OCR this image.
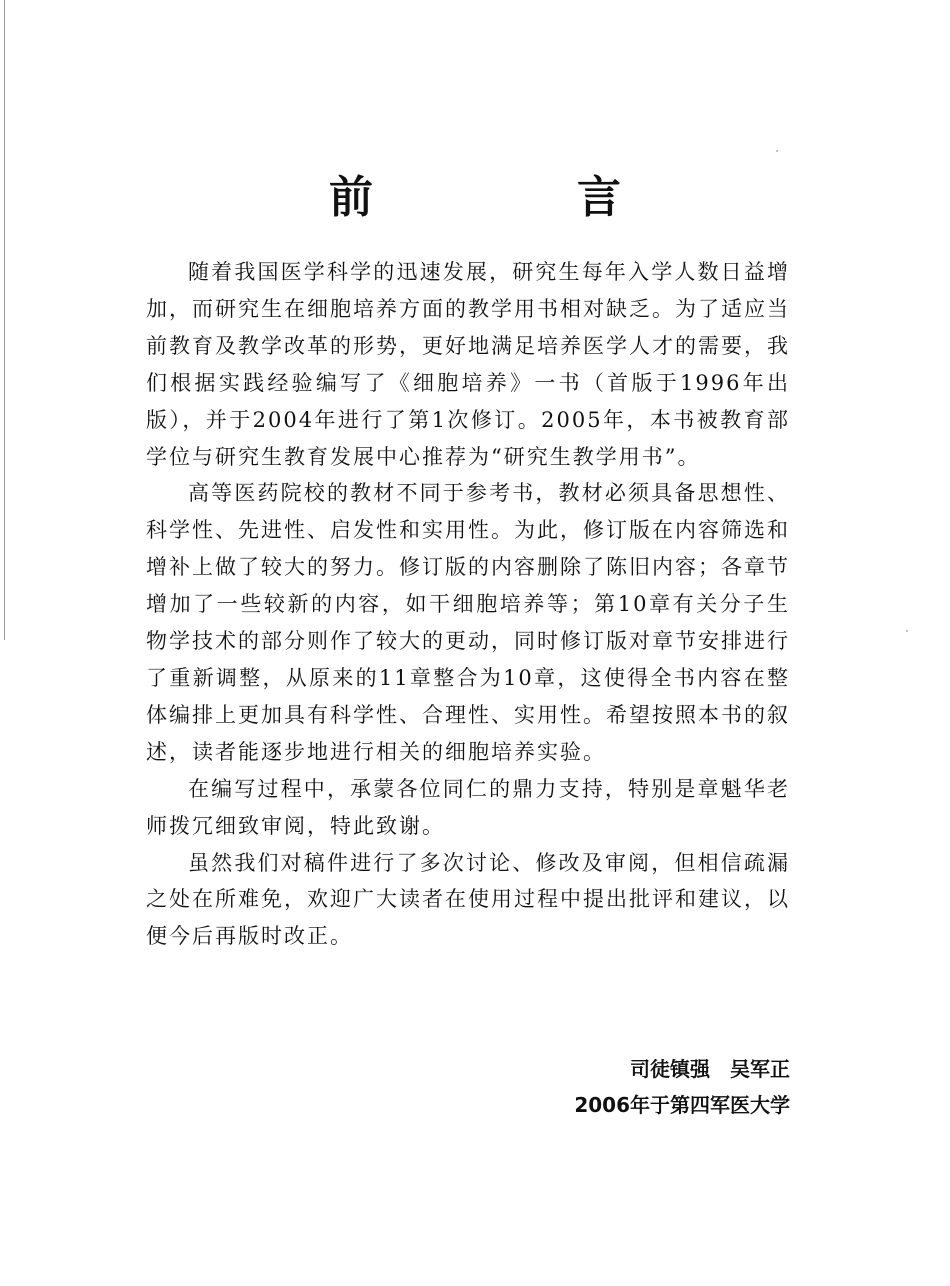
前　言

随着我国医学科学的迅速发展，研究生每年入学人数日益增加，而研究生在细胞培养方面的教学用书相对缺乏。为了适应当前教育及教学改革的形势，更好地满足培养医学人才的需要，我们根据实践经验编写了《细胞培养》一书（首版于1996年出版），并于2004年进行了第1次修订。2005年，本书被教育部学位与研究生教育发展中心推荐为“研究生教学用书”。

高等医药院校的教材不同于参考书，教材必须具备思想性、科学性、先进性、启发性和实用性。为此，修订版在内容筛选和增补上做了较大的努力。修订版的内容删除了陈旧内容；各章节增加了一些较新的内容，如干细胞培养等；第10章有关分子生物学技术的部分则作了较大的更动，同时修订版对章节安排进行了重新调整，从原来的11章整合为10章，这使得全书内容在整体编排上更加具有科学性、合理性、实用性。希望按照本书的叙述，读者能逐步地进行相关的细胞培养实验。

在编写过程中，承蒙各位同仁的鼎力支持，特别是章魁华老师拨冗细致审阅，特此致谢。

虽然我们对稿件进行了多次讨论、修改及审阅，但相信疏漏之处在所难免，欢迎广大读者在使用过程中提出批评和建议，以便今后再版时改正。

司徒镇强　吴军正
2006年于第四军医大学
